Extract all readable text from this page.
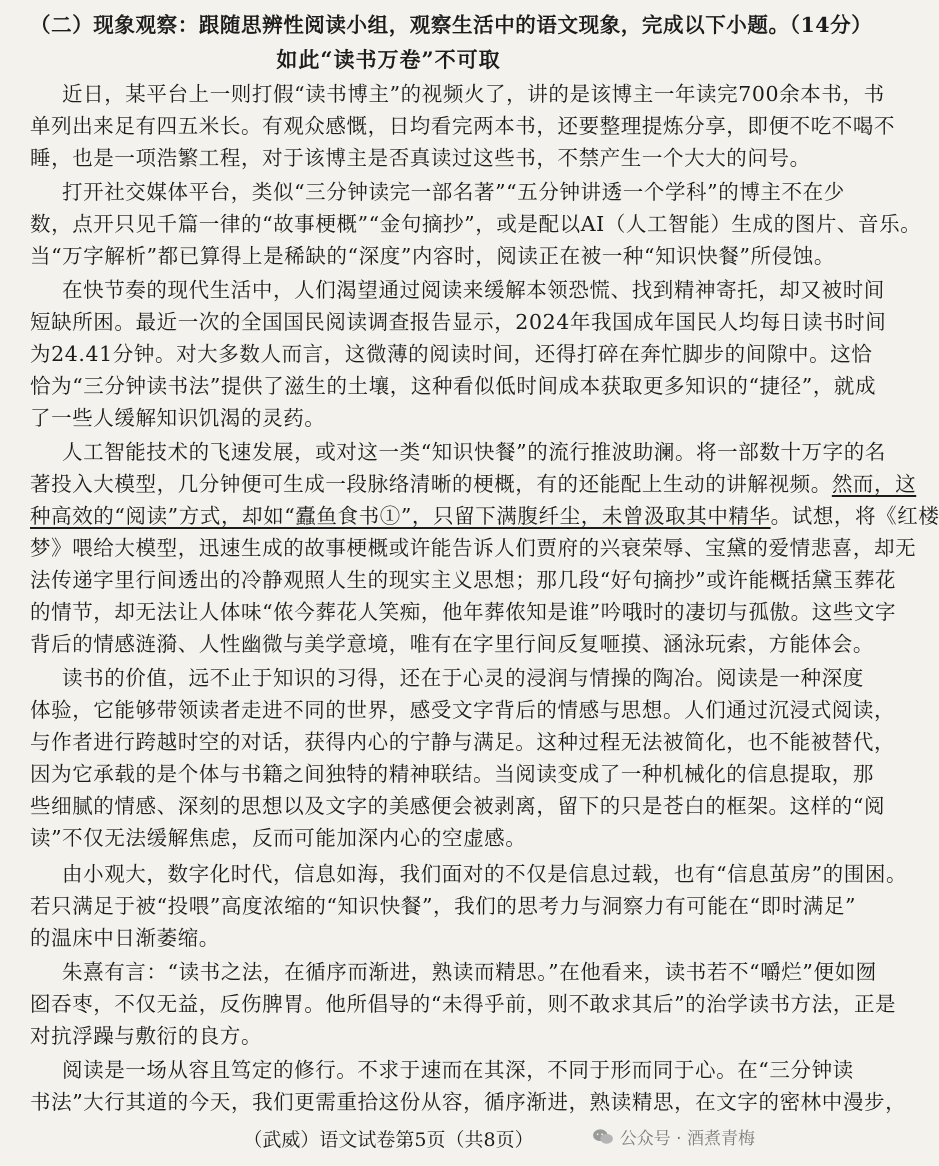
（二）现象观察：跟随思辨性阅读小组，观察生活中的语文现象，完成以下小题。（14分）
如此“读书万卷”不可取
近日，某平台上一则打假“读书博主”的视频火了，讲的是该博主一年读完700余本书，书
单列出来足有四五米长。有观众感慨，日均看完两本书，还要整理提炼分享，即便不吃不喝不
睡，也是一项浩繁工程，对于该博主是否真读过这些书，不禁产生一个大大的问号。
打开社交媒体平台，类似“三分钟读完一部名著”“五分钟讲透一个学科”的博主不在少
数，点开只见千篇一律的“故事梗概”“金句摘抄”，或是配以AI（人工智能）生成的图片、音乐。
当“万字解析”都已算得上是稀缺的“深度”内容时，阅读正在被一种“知识快餐”所侵蚀。
在快节奏的现代生活中，人们渴望通过阅读来缓解本领恐慌、找到精神寄托，却又被时间
短缺所困。最近一次的全国国民阅读调查报告显示，2024年我国成年国民人均每日读书时间
为24.41分钟。对大多数人而言，这微薄的阅读时间，还得打碎在奔忙脚步的间隙中。这恰
恰为“三分钟读书法”提供了滋生的土壤，这种看似低时间成本获取更多知识的“捷径”，就成
了一些人缓解知识饥渴的灵药。
人工智能技术的飞速发展，或对这一类“知识快餐”的流行推波助澜。将一部数十万字的名
著投入大模型，几分钟便可生成一段脉络清晰的梗概，有的还能配上生动的讲解视频。然而，这
种高效的“阅读”方式，却如“蠹鱼食书①”，只留下满腹纤尘，未曾汲取其中精华。试想，将《红楼
梦》喂给大模型，迅速生成的故事梗概或许能告诉人们贾府的兴衰荣辱、宝黛的爱情悲喜，却无
法传递字里行间透出的冷静观照人生的现实主义思想；那几段“好句摘抄”或许能概括黛玉葬花
的情节，却无法让人体味“侬今葬花人笑痴，他年葬侬知是谁”吟哦时的凄切与孤傲。这些文字
背后的情感涟漪、人性幽微与美学意境，唯有在字里行间反复咂摸、涵泳玩索，方能体会。
读书的价值，远不止于知识的习得，还在于心灵的浸润与情操的陶冶。阅读是一种深度
体验，它能够带领读者走进不同的世界，感受文字背后的情感与思想。人们通过沉浸式阅读，
与作者进行跨越时空的对话，获得内心的宁静与满足。这种过程无法被简化，也不能被替代，
因为它承载的是个体与书籍之间独特的精神联结。当阅读变成了一种机械化的信息提取，那
些细腻的情感、深刻的思想以及文字的美感便会被剥离，留下的只是苍白的框架。这样的“阅
读”不仅无法缓解焦虑，反而可能加深内心的空虚感。
由小观大，数字化时代，信息如海，我们面对的不仅是信息过载，也有“信息茧房”的围困。
若只满足于被“投喂”高度浓缩的“知识快餐”，我们的思考力与洞察力有可能在“即时满足”
的温床中日渐萎缩。
朱熹有言：“读书之法，在循序而渐进，熟读而精思。”在他看来，读书若不“嚼烂”便如囫
囵吞枣，不仅无益，反伤脾胃。他所倡导的“未得乎前，则不敢求其后”的治学读书方法，正是
对抗浮躁与敷衍的良方。
阅读是一场从容且笃定的修行。不求于速而在其深，不同于形而同于心。在“三分钟读
书法”大行其道的今天，我们更需重拾这份从容，循序渐进，熟读精思，在文字的密林中漫步，
（武威）语文试卷第5页（共8页）	公众号 · 酒煮青梅
